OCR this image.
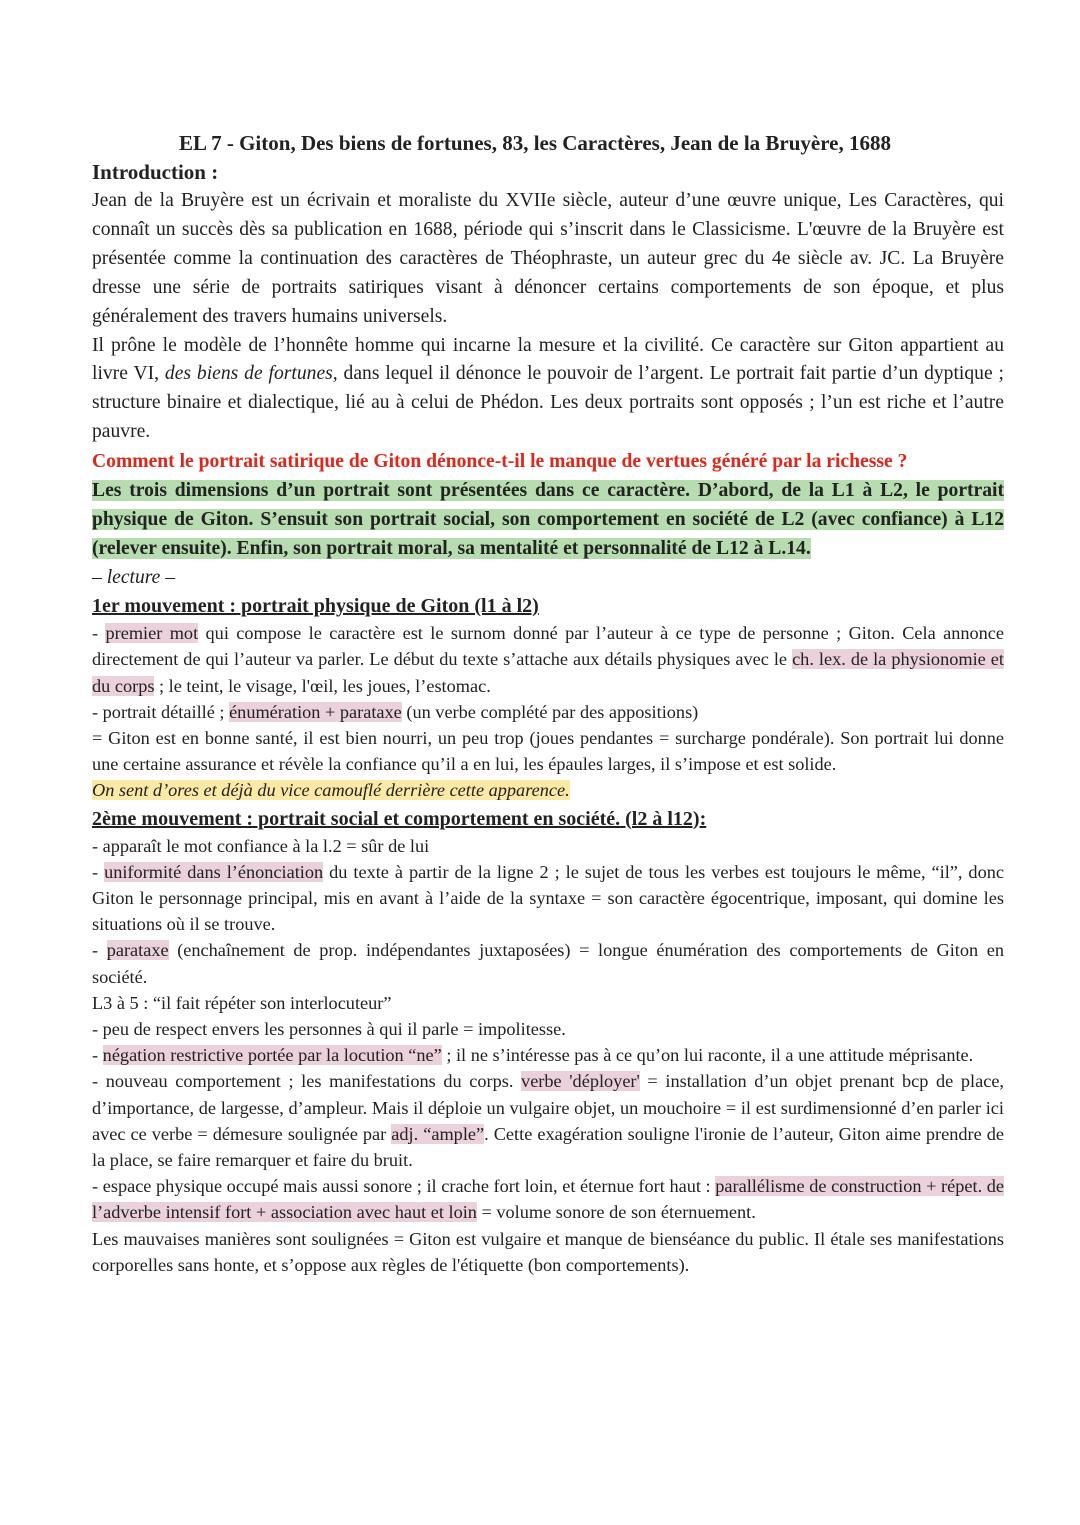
EL 7 - Giton, Des biens de fortunes, 83, les Caractères, Jean de la Bruyère, 1688
Introduction :

Jean de la Bruyère est un écrivain et moraliste du XVIIe siècle, auteur d’une œuvre unique, Les Caractères, qui connaît un succès dès sa publication en 1688, période qui s’inscrit dans le Classicisme. L'œuvre de la Bruyère est présentée comme la continuation des caractères de Théophraste, un auteur grec du 4e siècle av. JC. La Bruyère dresse une série de portraits satiriques visant à dénoncer certains comportements de son époque, et plus généralement des travers humains universels.

Il prône le modèle de l’honnête homme qui incarne la mesure et la civilité. Ce caractère sur Giton appartient au livre VI, des biens de fortunes, dans lequel il dénonce le pouvoir de l’argent. Le portrait fait partie d’un dyptique ; structure binaire et dialectique, lié au à celui de Phédon. Les deux portraits sont opposés ; l’un est riche et l’autre pauvre.

Comment le portrait satirique de Giton dénonce-t-il le manque de vertues généré par la richesse ?

Les trois dimensions d’un portrait sont présentées dans ce caractère. D’abord, de la L1 à L2, le portrait physique de Giton. S’ensuit son portrait social, son comportement en société de L2 (avec confiance) à L12 (relever ensuite). Enfin, son portrait moral, sa mentalité et personnalité de L12 à L.14.

– lecture –
1er mouvement : portrait physique de Giton (l1 à l2)

- premier mot qui compose le caractère est le surnom donné par l’auteur à ce type de personne ; Giton. Cela annonce directement de qui l’auteur va parler. Le début du texte s’attache aux détails physiques avec le ch. lex. de la physionomie et du corps ; le teint, le visage, l'œil, les joues, l’estomac.

- portrait détaillé ; énumération + parataxe (un verbe complété par des appositions)

= Giton est en bonne santé, il est bien nourri, un peu trop (joues pendantes = surcharge pondérale). Son portrait lui donne une certaine assurance et révèle la confiance qu’il a en lui, les épaules larges, il s’impose et est solide.

On sent d’ores et déjà du vice camouflé derrière cette apparence.

2ème mouvement : portrait social et comportement en société. (l2 à l12):

- apparaît le mot confiance à la l.2 = sûr de lui

- uniformité dans l’énonciation du texte à partir de la ligne 2 ; le sujet de tous les verbes est toujours le même, “il”, donc Giton le personnage principal, mis en avant à l’aide de la syntaxe = son caractère égocentrique, imposant, qui domine les situations où il se trouve.

- parataxe (enchaînement de prop. indépendantes juxtaposées) = longue énumération des comportements de Giton en société.

L3 à 5 : “il fait répéter son interlocuteur”

- peu de respect envers les personnes à qui il parle = impolitesse.

- négation restrictive portée par la locution “ne” ; il ne s’intéresse pas à ce qu’on lui raconte, il a une attitude méprisante.

- nouveau comportement ; les manifestations du corps. verbe 'déployer' = installation d’un objet prenant bcp de place, d’importance, de largesse, d’ampleur. Mais il déploie un vulgaire objet, un mouchoire = il est surdimensionné d’en parler ici avec ce verbe = démesure soulignée par adj. “ample”. Cette exagération souligne l'ironie de l’auteur, Giton aime prendre de la place, se faire remarquer et faire du bruit.

- espace physique occupé mais aussi sonore ; il crache fort loin, et éternue fort haut : parallélisme de construction + répet. de l’adverbe intensif fort + association avec haut et loin = volume sonore de son éternuement.

Les mauvaises manières sont soulignées = Giton est vulgaire et manque de bienséance du public. Il étale ses manifestations corporelles sans honte, et s’oppose aux règles de l'étiquette (bon comportements).
